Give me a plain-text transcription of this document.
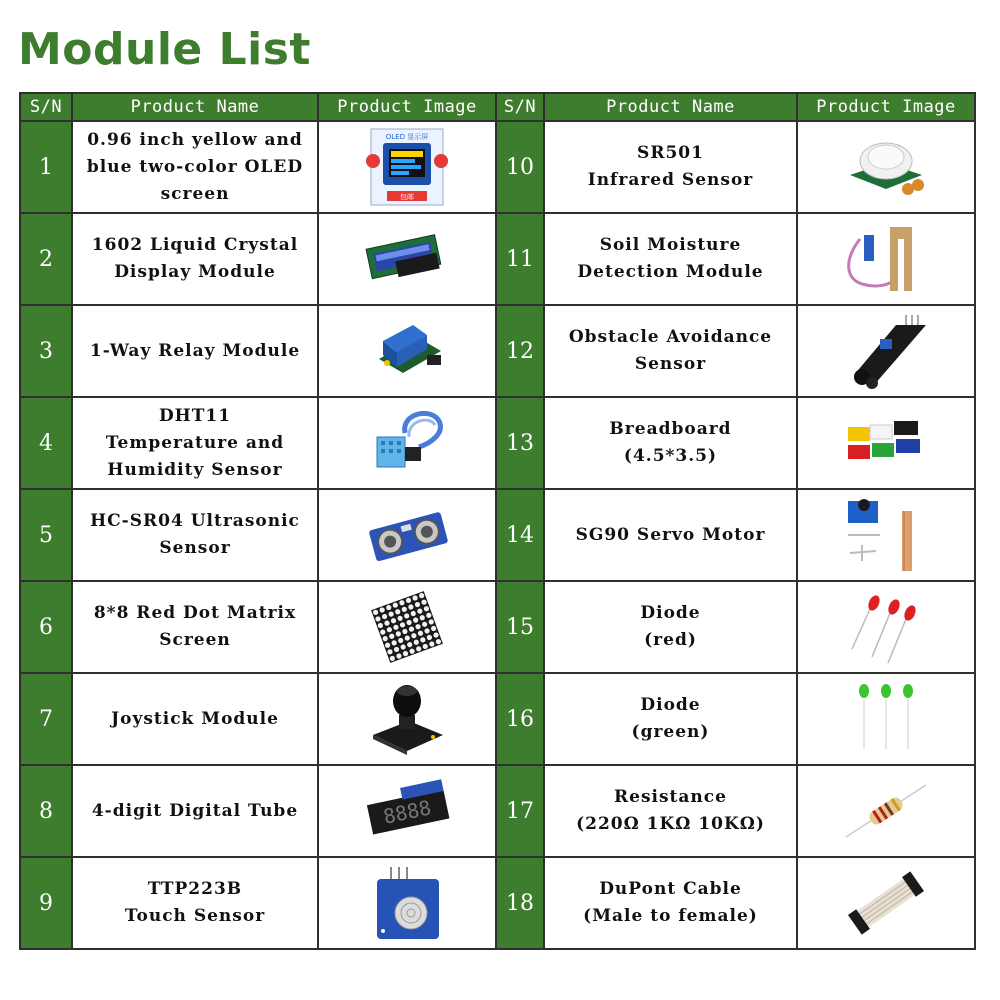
Module List
S/N	Product Name	Product Image	S/N	Product Name	Product Image
1	0.96 inch yellow and
blue two-color OLED
screen	OLED 显示屏
包邮	10	SR501
Infrared Sensor

2	1602 Liquid Crystal
Display Module		11	Soil Moisture
Detection Module

3	1-Way Relay Module		12	Obstacle Avoidance
Sensor

4	DHT11
Temperature and
Humidity Sensor		13	Breadboard
(4.5*3.5)

5	HC-SR04 Ultrasonic
Sensor		14	SG90 Servo Motor

6	8*8 Red Dot Matrix
Screen		15	Diode
(red)

7	Joystick Module		16	Diode
(green)

8	4-digit Digital Tube	8888	17	Resistance
(220Ω 1KΩ 10KΩ)

9	TTP223B
Touch Sensor		18	DuPont Cable
(Male to female)
